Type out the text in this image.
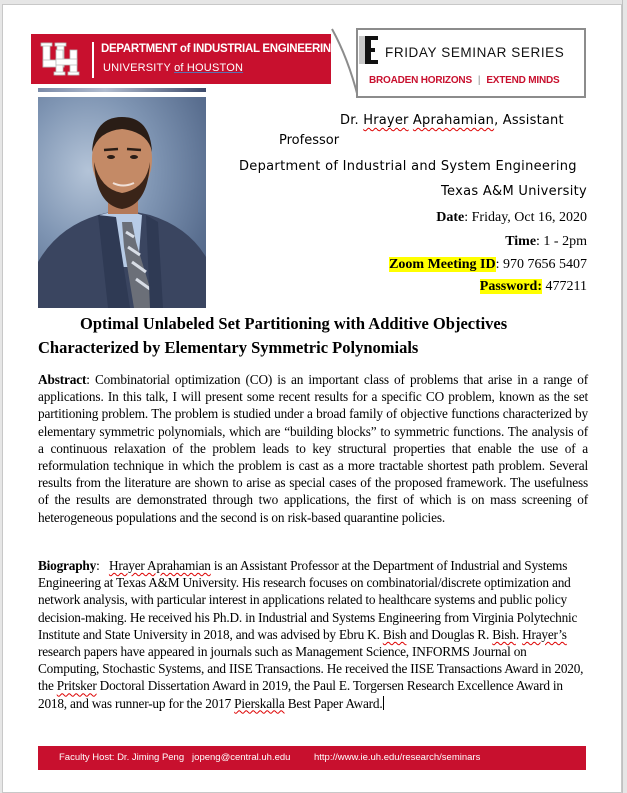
DEPARTMENT of INDUSTRIAL ENGINEERING
UNIVERSITY of HOUSTON
FRIDAY SEMINAR SERIES
BROADEN HORIZONS | EXTEND MINDS
Dr. Hrayer Aprahamian, Assistant
Professor
Department of Industrial and System Engineering
Texas A&M University
Date: Friday, Oct 16, 2020
Time: 1 - 2pm
Zoom Meeting ID: 970 7656 5407
Password: 477211
Optimal Unlabeled Set Partitioning with Additive Objectives
Characterized by Elementary Symmetric Polynomials
Abstract: Combinatorial optimization (CO) is an important class of problems that arise in a range of applications. In this talk, I will present some recent results for a specific CO problem, known as the set partitioning problem. The problem is studied under a broad family of objective functions characterized by elementary symmetric polynomials, which are “building blocks” to symmetric functions. The analysis of a continuous relaxation of the problem leads to key structural properties that enable the use of a reformulation technique in which the problem is cast as a more tractable shortest path problem. Several results from the literature are shown to arise as special cases of the proposed framework. The usefulness of the results are demonstrated through two applications, the first of which is on mass screening of heterogeneous populations and the second is on risk-based quarantine policies.
Biography:   Hrayer Aprahamian is an Assistant Professor at the Department of Industrial and Systems Engineering at Texas A&M University. His research focuses on combinatorial/discrete optimization and network analysis, with particular interest in applications related to healthcare systems and public policy decision-making. He received his Ph.D. in Industrial and Systems Engineering from Virginia Polytechnic Institute and State University in 2018, and was advised by Ebru K. Bish and Douglas R. Bish. Hrayer’s research papers have appeared in journals such as Management Science, INFORMS Journal on Computing, Stochastic Systems, and IISE Transactions. He received the IISE Transactions Award in 2020, the Pritsker Doctoral Dissertation Award in 2019, the Paul E. Torgersen Research Excellence Award in 2018, and was runner-up for the 2017 Pierskalla Best Paper Award.
Faculty Host: Dr. Jiming Peng   jopeng@central.uh.edu http://www.ie.uh.edu/research/seminars
